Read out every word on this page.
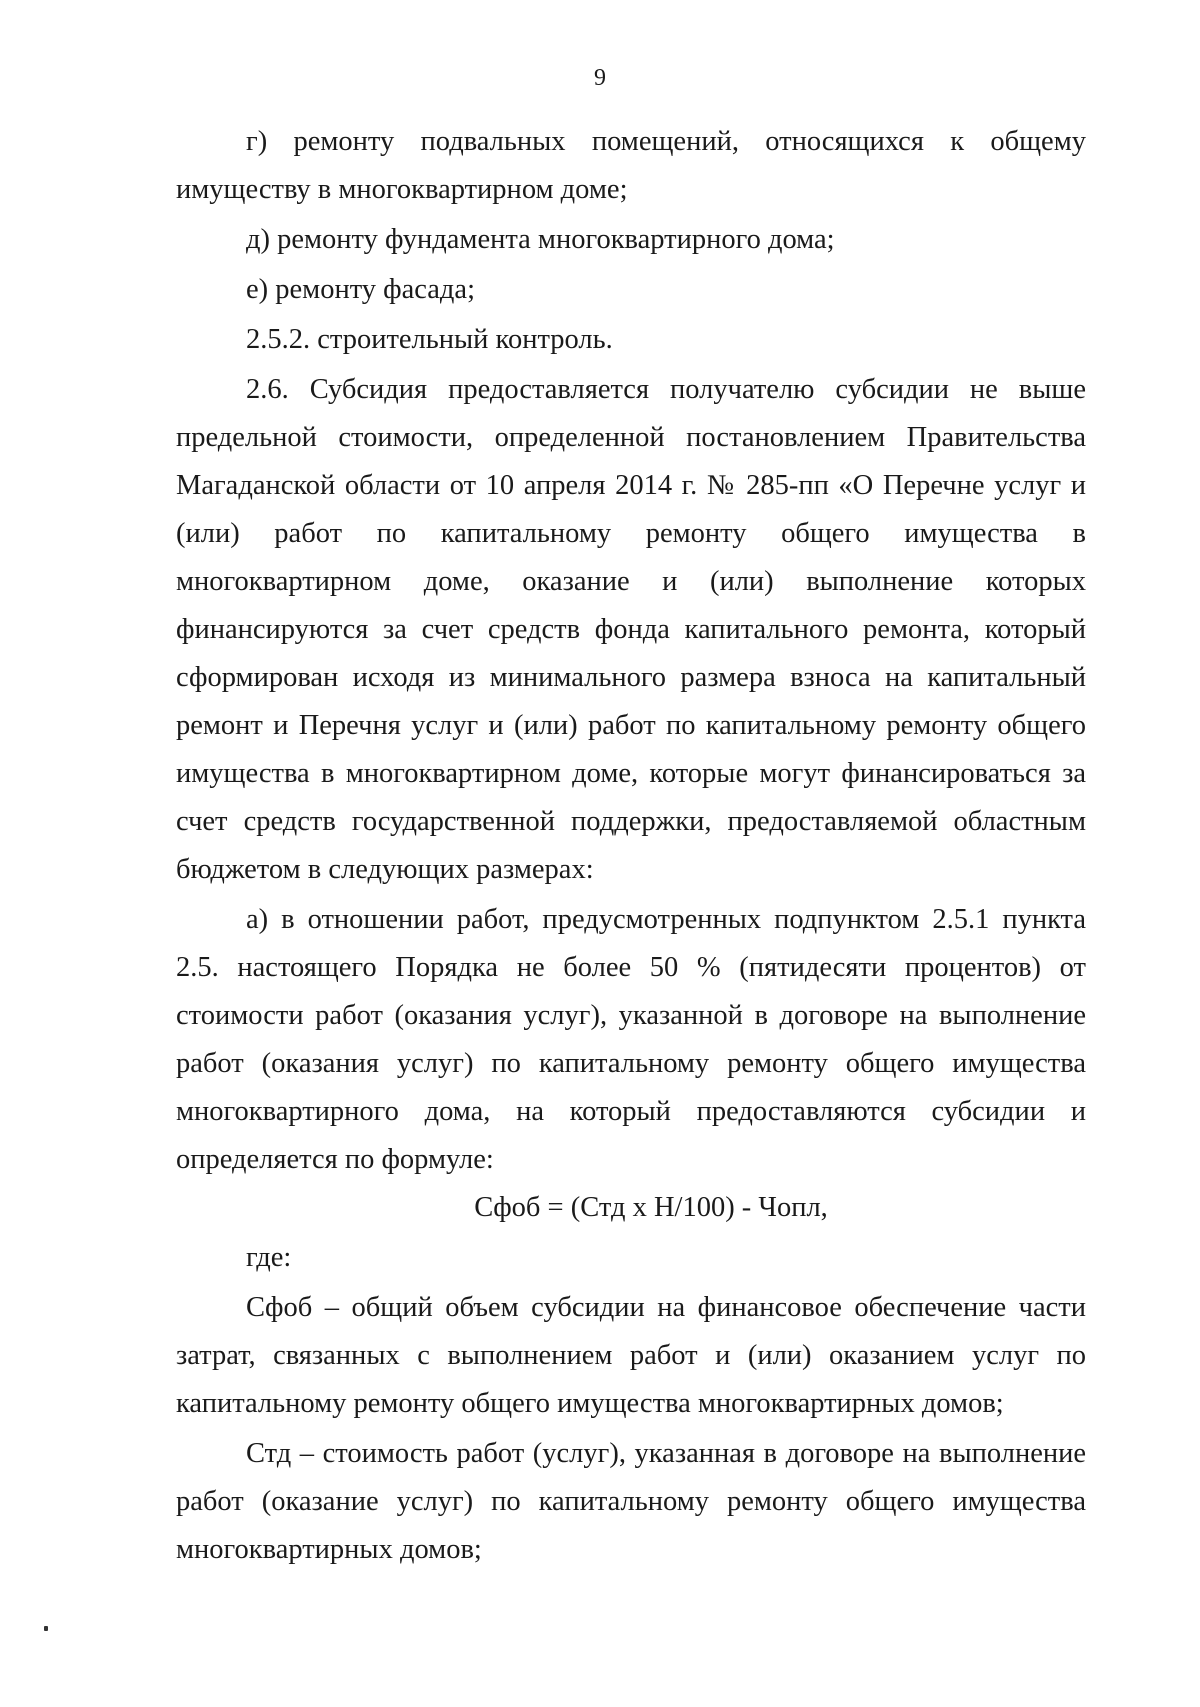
9

г) ремонту подвальных помещений, относящихся к общему имуществу в многоквартирном доме;

д) ремонту фундамента многоквартирного дома;

е) ремонту фасада;

2.5.2. строительный контроль.

2.6. Субсидия предоставляется получателю субсидии не выше предельной стоимости, определенной постановлением Правительства Магаданской области от 10 апреля 2014 г. № 285-пп «О Перечне услуг и (или) работ по капитальному ремонту общего имущества в многоквартирном доме, оказание и (или) выполнение которых финансируются за счет средств фонда капитального ремонта, который сформирован исходя из минимального размера взноса на капитальный ремонт и Перечня услуг и (или) работ по капитальному ремонту общего имущества в многоквартирном доме, которые могут финансироваться за счет средств государственной поддержки, предоставляемой областным бюджетом в следующих размерах:

а) в отношении работ, предусмотренных подпунктом 2.5.1 пункта 2.5. настоящего Порядка не более 50 % (пятидесяти процентов) от стоимости работ (оказания услуг), указанной в договоре на выполнение работ (оказания услуг) по капитальному ремонту общего имущества многоквартирного дома, на который предоставляются субсидии и определяется по формуле:

Сфоб = (Стд х Н/100) - Чопл,

где:

Сфоб – общий объем субсидии на финансовое обеспечение части затрат, связанных с выполнением работ и (или) оказанием услуг по капитальному ремонту общего имущества многоквартирных домов;

Стд – стоимость работ (услуг), указанная в договоре на выполнение работ (оказание услуг) по капитальному ремонту общего имущества многоквартирных домов;
